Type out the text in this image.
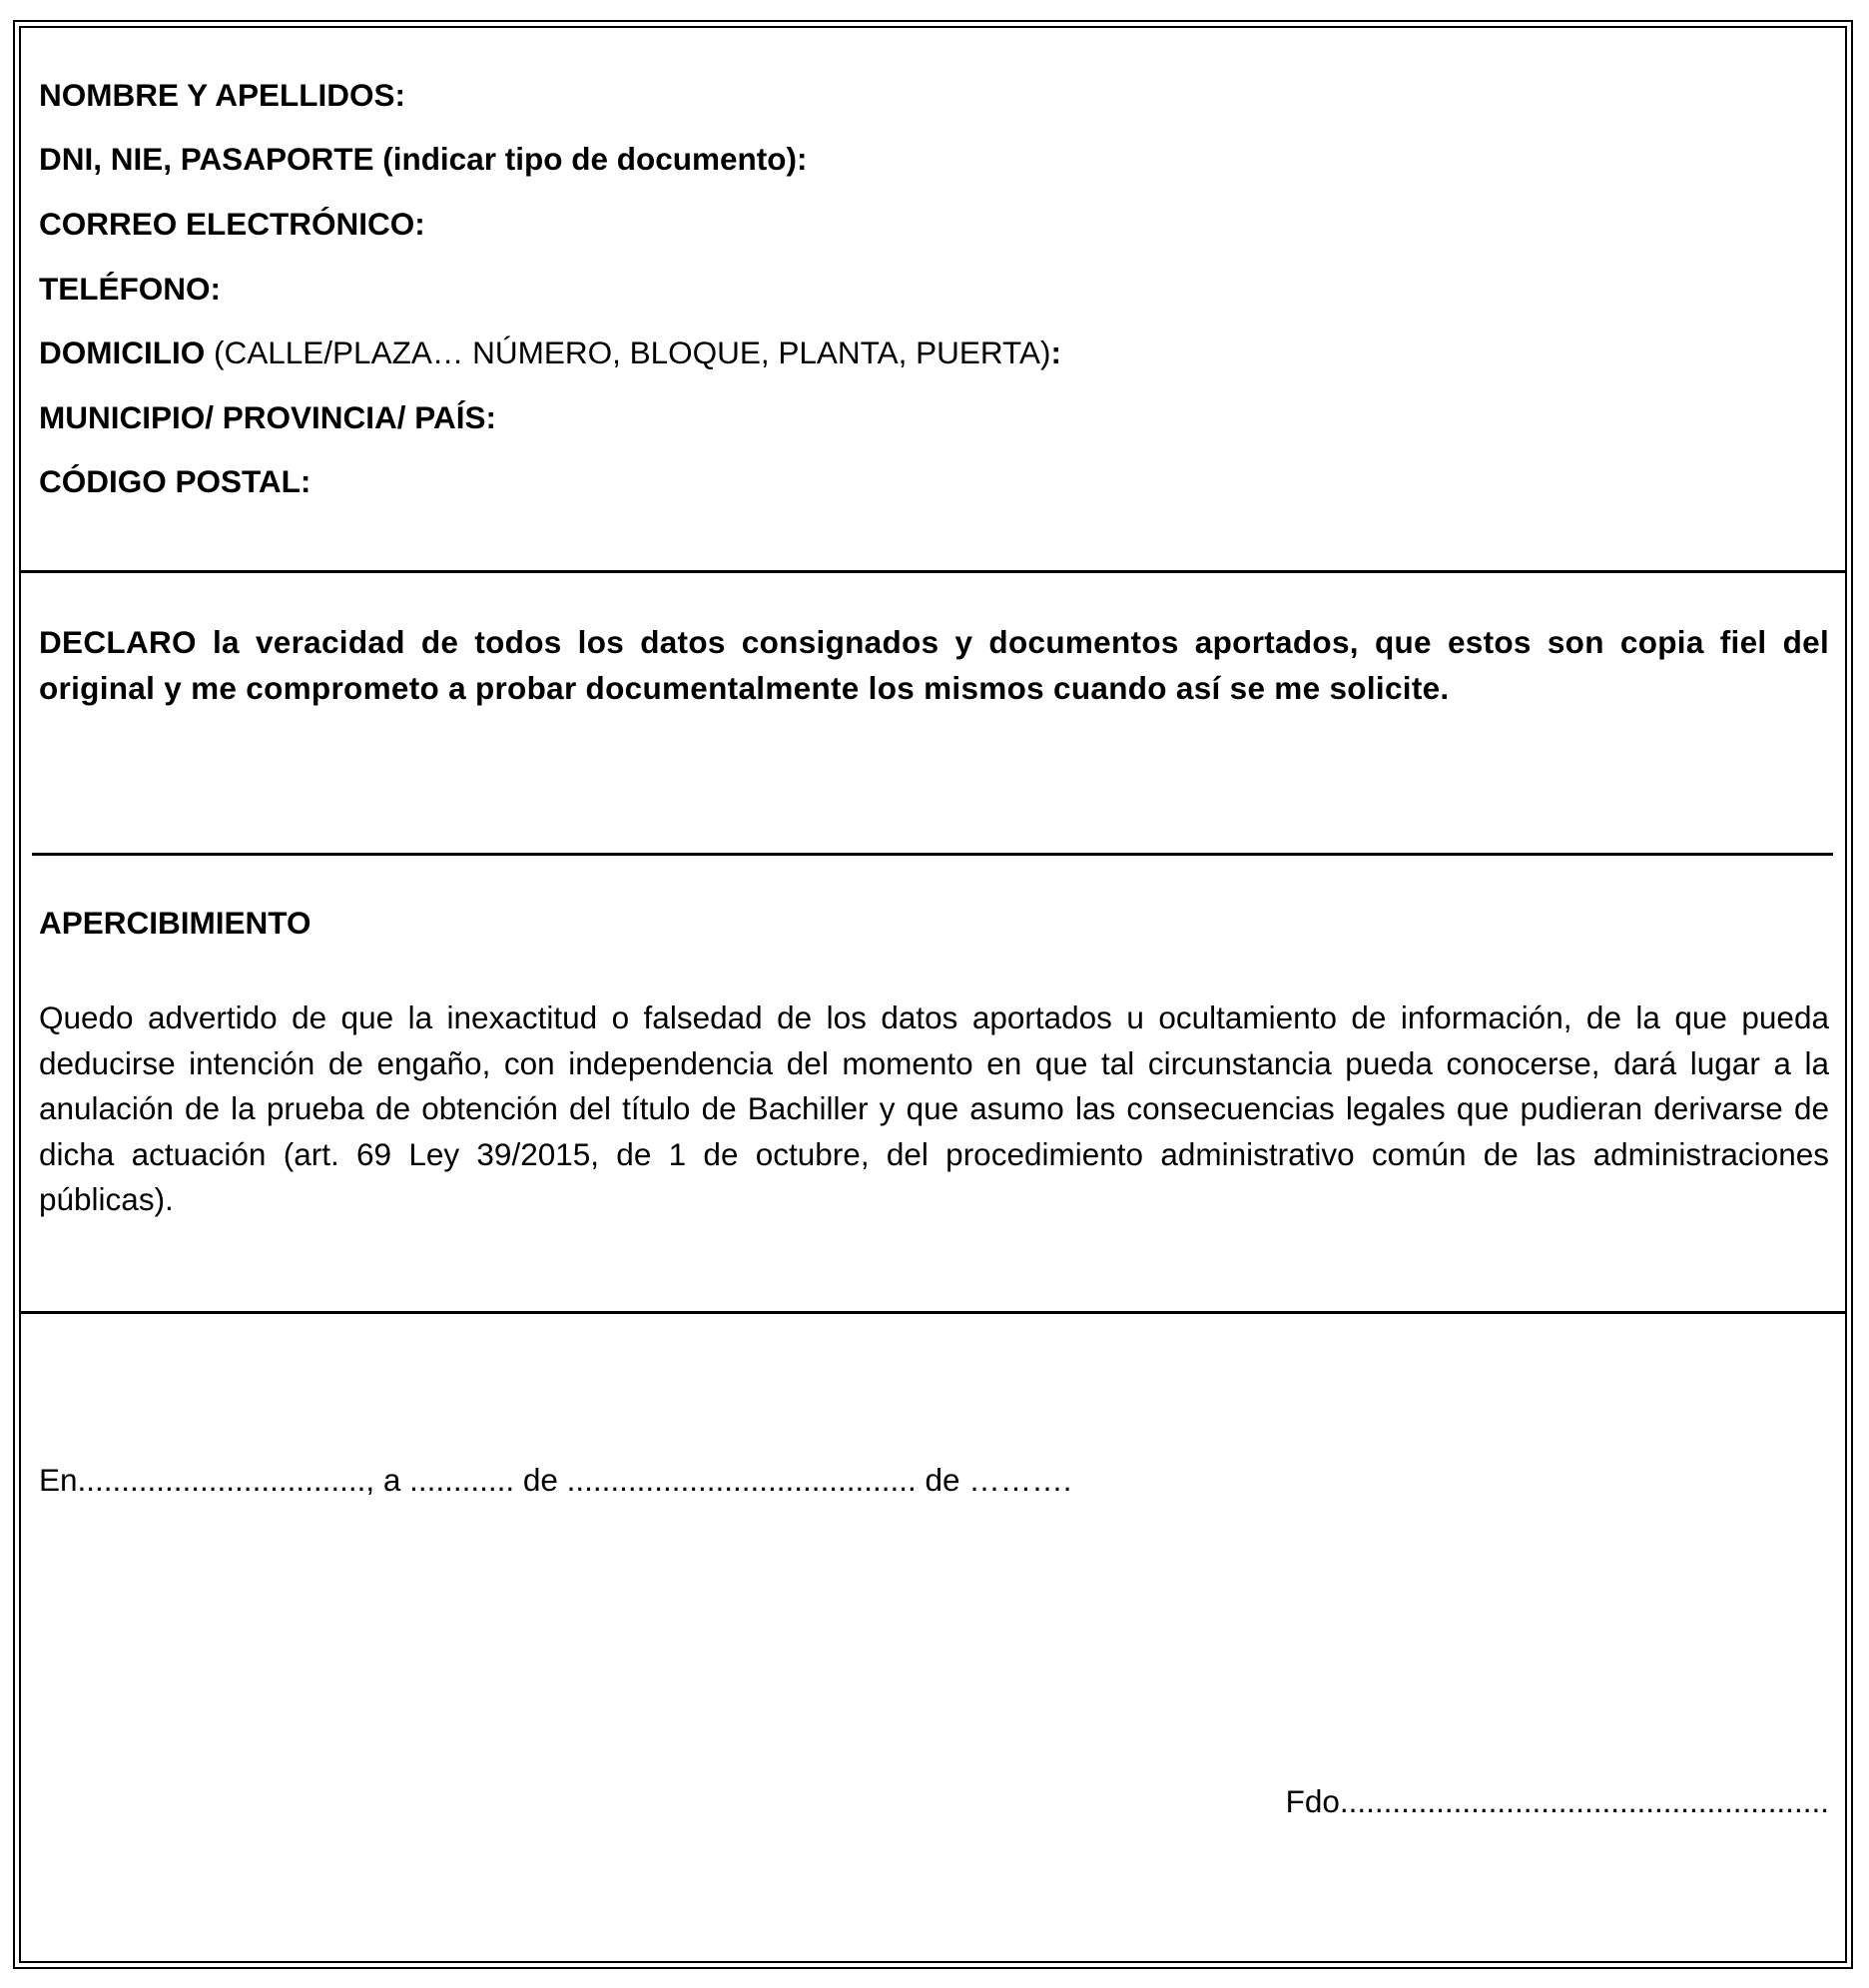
NOMBRE Y APELLIDOS:
DNI, NIE, PASAPORTE (indicar tipo de documento):
CORREO ELECTRÓNICO:
TELÉFONO:
DOMICILIO (CALLE/PLAZA… NÚMERO, BLOQUE, PLANTA, PUERTA):
MUNICIPIO/ PROVINCIA/ PAÍS:
CÓDIGO POSTAL:
DECLARO la veracidad de todos los datos consignados y documentos aportados, que estos son copia fiel del original y me comprometo a probar documentalmente los mismos cuando así se me solicite.
APERCIBIMIENTO
Quedo advertido de que la inexactitud o falsedad de los datos aportados u ocultamiento de información, de la que pueda deducirse intención de engaño, con independencia del momento en que tal circunstancia pueda conocerse, dará lugar a la anulación de la prueba de obtención del título de Bachiller y que asumo las consecuencias legales que pudieran derivarse de dicha actuación (art. 69 Ley 39/2015, de 1 de octubre, del procedimiento administrativo común de las administraciones públicas).
En................................., a ............ de ........................................ de ……….
Fdo........................................................
